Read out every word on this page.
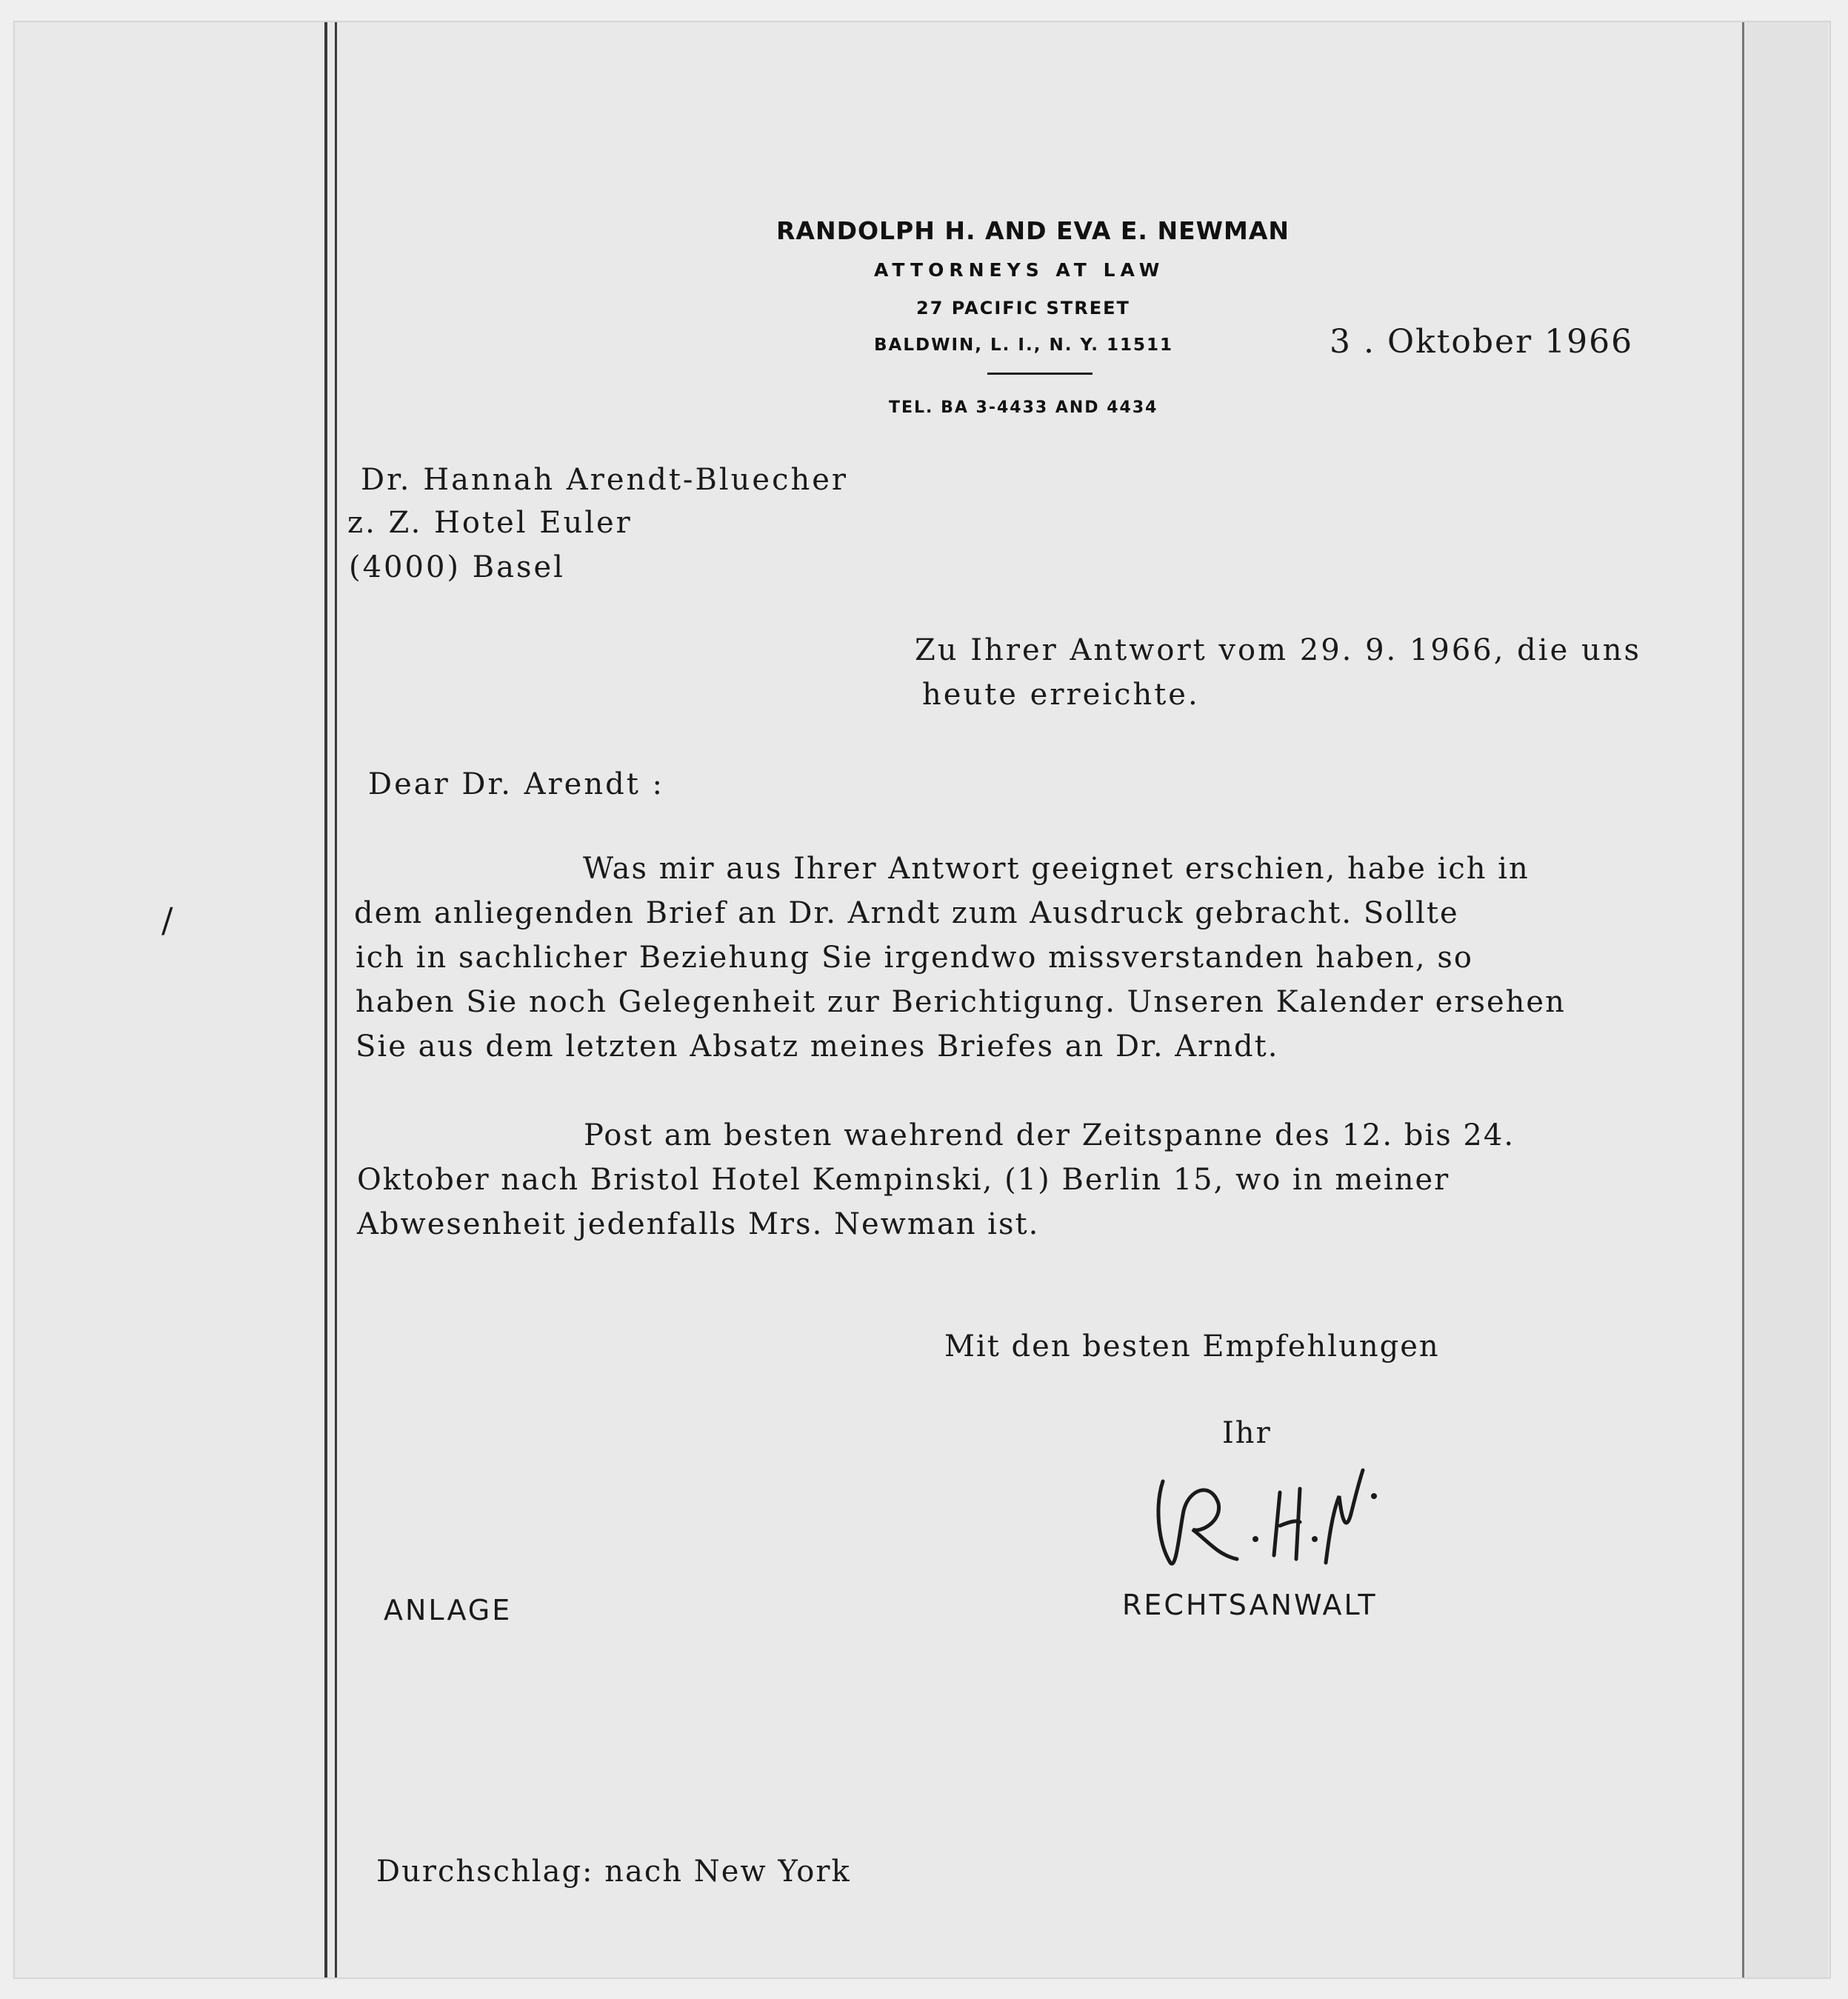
RANDOLPH H. AND EVA E. NEWMAN
ATTORNEYS AT LAW
27 PACIFIC STREET
BALDWIN, L. I., N. Y. 11511
TEL. BA 3-4433 AND 4434
3 . Oktober 1966
Dr. Hannah Arendt-Bluecher
z. Z. Hotel Euler
(4000) Basel
Zu Ihrer Antwort vom 29. 9. 1966, die uns
heute erreichte.
Dear Dr. Arendt :
/
Was mir aus Ihrer Antwort geeignet erschien, habe ich in
dem anliegenden Brief an Dr. Arndt zum Ausdruck gebracht. Sollte
ich in sachlicher Beziehung Sie irgendwo missverstanden haben, so
haben Sie noch Gelegenheit zur Berichtigung. Unseren Kalender ersehen
Sie aus dem letzten Absatz meines Briefes an Dr. Arndt.
Post am besten waehrend der Zeitspanne des 12. bis 24.
Oktober nach Bristol Hotel Kempinski, (1) Berlin 15, wo in meiner
Abwesenheit jedenfalls Mrs. Newman ist.
Mit den besten Empfehlungen
Ihr
RECHTSANWALT
ANLAGE
Durchschlag: nach New York
